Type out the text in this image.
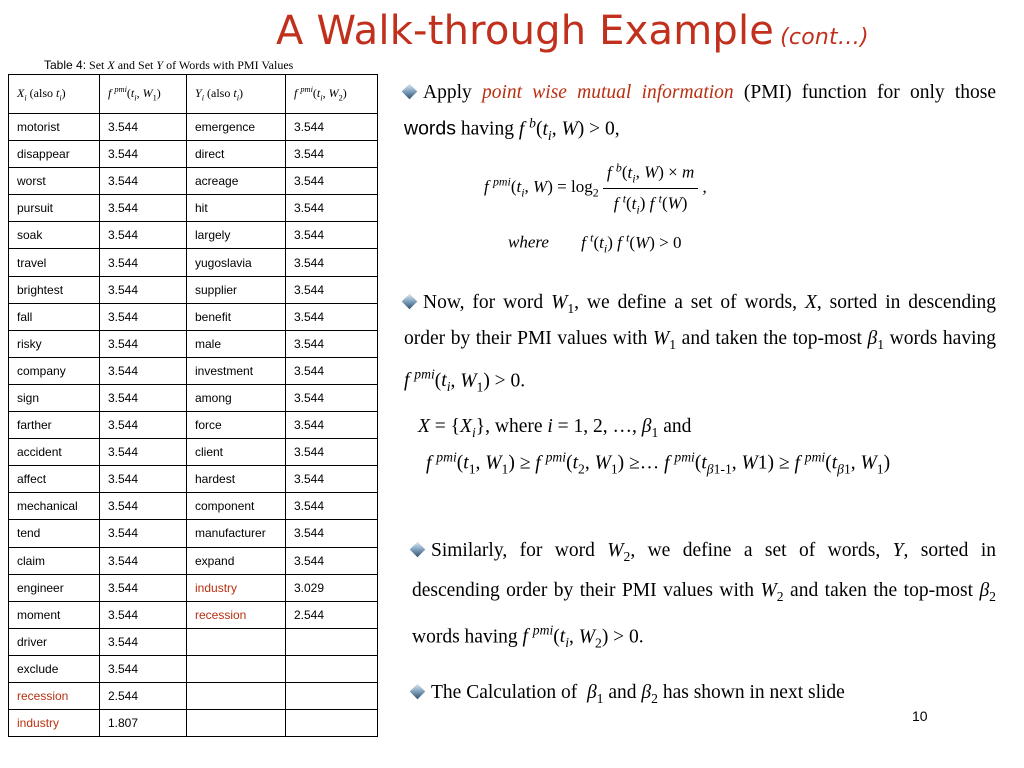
A Walk-through Example (cont…)
Table 4: Set X and Set Y of Words with PMI Values
$X_i$ (also $t_i$)	f $^{pmi}(t_i$, $W_1$)	$Y_i$ (also $t_i$)	f $^{pmi}(t_i$, $W_2$)
motorist	3.544	emergence	3.544
disappear	3.544	direct	3.544
worst	3.544	acreage	3.544
pursuit	3.544	hit	3.544
soak	3.544	largely	3.544
travel	3.544	yugoslavia	3.544
brightest	3.544	supplier	3.544
fall	3.544	benefit	3.544
risky	3.544	male	3.544
company	3.544	investment	3.544
sign	3.544	among	3.544
farther	3.544	force	3.544
accident	3.544	client	3.544
affect	3.544	hardest	3.544
mechanical	3.544	component	3.544
tend	3.544	manufacturer	3.544
claim	3.544	expand	3.544
engineer	3.544	industry	3.029
moment	3.544	recession	2.544
driver	3.544		
exclude	3.544		
recession	2.544		
industry	1.807		
Apply point wise mutual information (PMI) function for only those words having f $^b(t_i$, W) > 0,
f $^{pmi}(t_i$, $W) = \log_2 \frac{f ^b(t_i, W) \times m}{f ^t(t_i) f ^t(W)}$ ,
where f $^t(t_i)$ f $^t$(W) > 0
Now, for word $W_1$, we define a set of words, X, sorted in descending order by their PMI values with $W_1$ and taken the top-most $\beta_1$ words having f $^{pmi}(t_i$, $W_1) > 0$.
$X = \{X_i\}$, where i = 1, 2, …, $\beta_1$ and
f $^{pmi}(t_1$, $W_1) \ge f$ $^{pmi}(t_2$, $W_1$) ≥… f $^{pmi}(t_{\beta 1-1}$, W1) ≥ f $^{pmi}(t_{\beta 1}$, $W_1$)
Similarly, for word $W_2$, we define a set of words, Y, sorted in descending order by their PMI values with $W_2$ and taken the top-most $\beta_2$ words having f $^{pmi}(t_i$, $W_2) > 0$.
The Calculation of  $\beta_1$ and $\beta_2$ has shown in next slide
10
